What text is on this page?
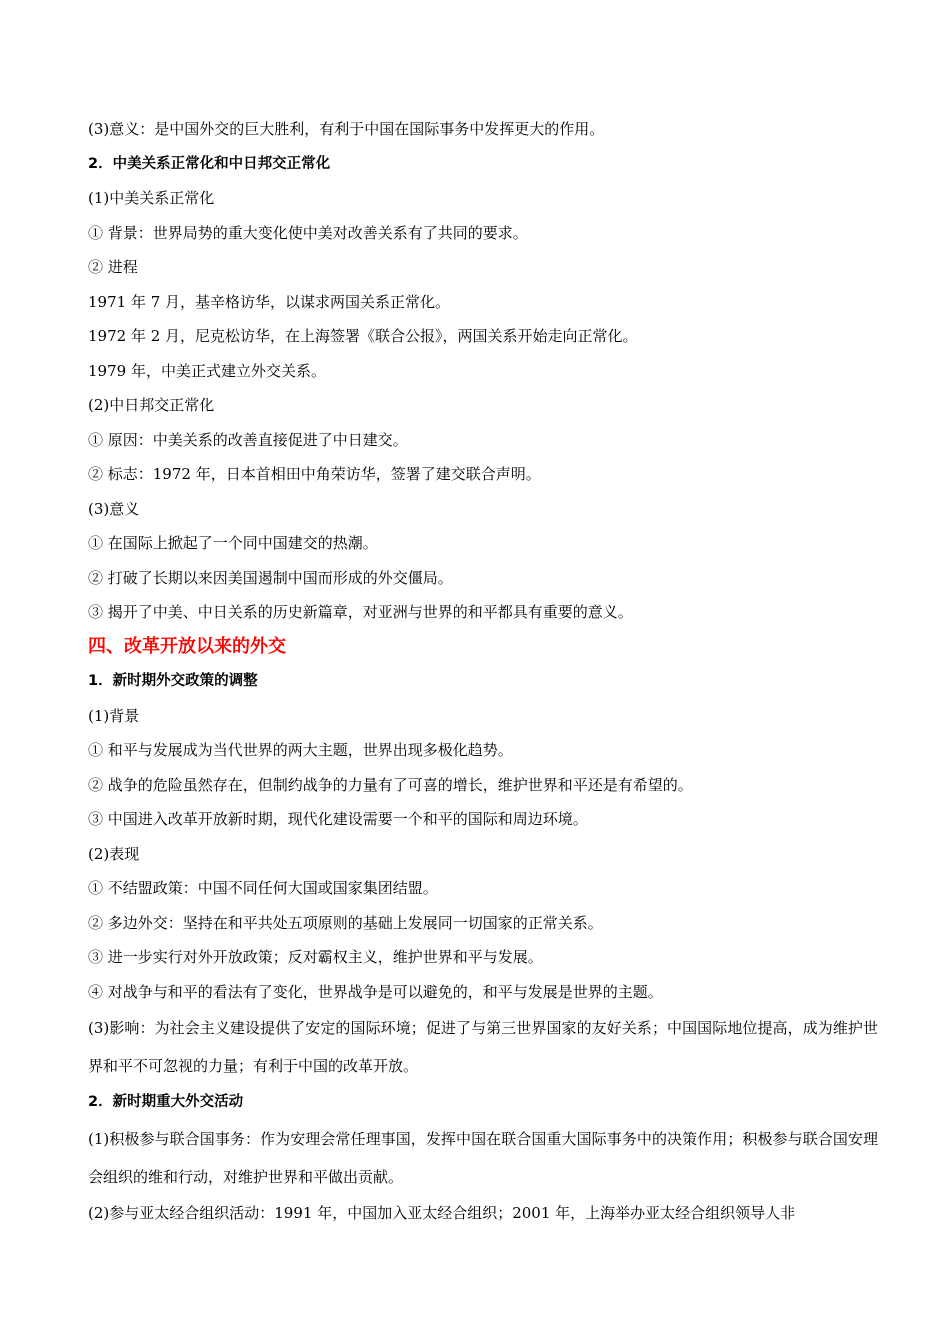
(3)意义：是中国外交的巨大胜利，有利于中国在国际事务中发挥更大的作用。
2．中美关系正常化和中日邦交正常化
(1)中美关系正常化
① 背景：世界局势的重大变化使中美对改善关系有了共同的要求。
② 进程
1971 年 7 月，基辛格访华，以谋求两国关系正常化。
1972 年 2 月，尼克松访华，在上海签署《联合公报》，两国关系开始走向正常化。
1979 年，中美正式建立外交关系。
(2)中日邦交正常化
① 原因：中美关系的改善直接促进了中日建交。
② 标志：1972 年，日本首相田中角荣访华，签署了建交联合声明。
(3)意义
① 在国际上掀起了一个同中国建交的热潮。
② 打破了长期以来因美国遏制中国而形成的外交僵局。
③ 揭开了中美、中日关系的历史新篇章，对亚洲与世界的和平都具有重要的意义。
四、改革开放以来的外交
1．新时期外交政策的调整
(1)背景
① 和平与发展成为当代世界的两大主题，世界出现多极化趋势。
② 战争的危险虽然存在，但制约战争的力量有了可喜的增长，维护世界和平还是有希望的。
③ 中国进入改革开放新时期，现代化建设需要一个和平的国际和周边环境。
(2)表现
① 不结盟政策：中国不同任何大国或国家集团结盟。
② 多边外交：坚持在和平共处五项原则的基础上发展同一切国家的正常关系。
③ 进一步实行对外开放政策；反对霸权主义，维护世界和平与发展。
④ 对战争与和平的看法有了变化，世界战争是可以避免的，和平与发展是世界的主题。
(3)影响：为社会主义建设提供了安定的国际环境；促进了与第三世界国家的友好关系；中国国际地位提高，成为维护世界和平不可忽视的力量；有利于中国的改革开放。
2．新时期重大外交活动
(1)积极参与联合国事务：作为安理会常任理事国，发挥中国在联合国重大国际事务中的决策作用；积极参与联合国安理会组织的维和行动，对维护世界和平做出贡献。
(2)参与亚太经合组织活动：1991 年，中国加入亚太经合组织；2001 年，上海举办亚太经合组织领导人非
